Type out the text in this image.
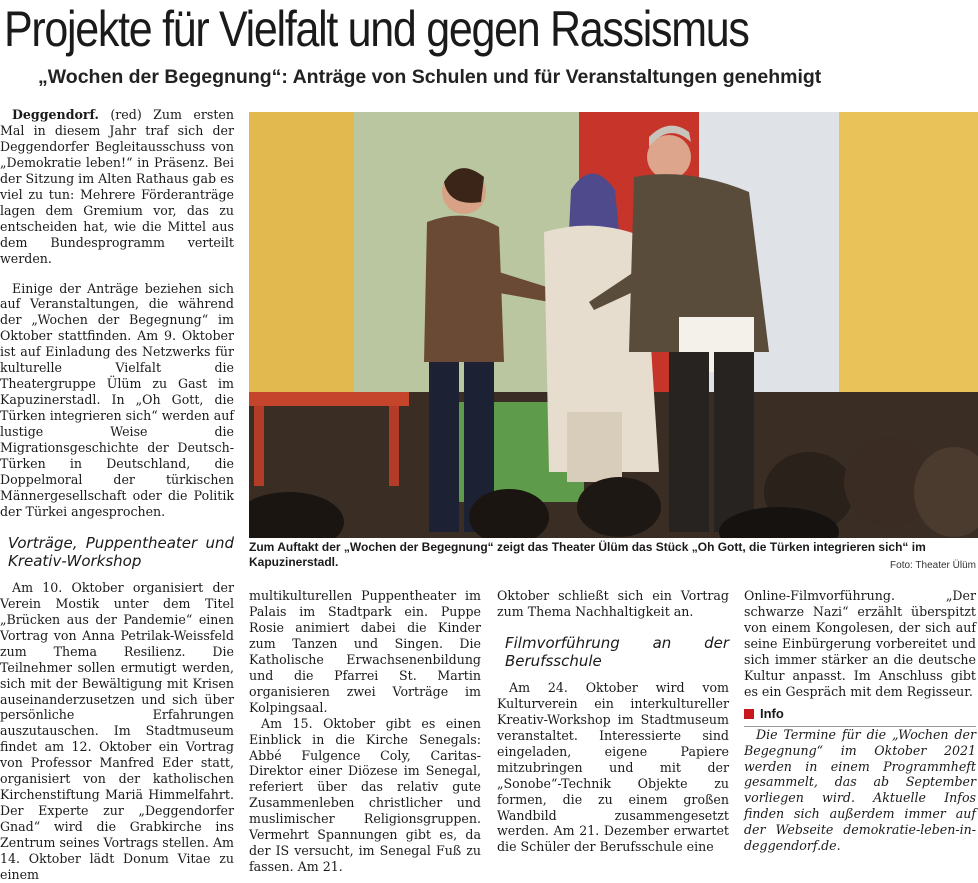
Projekte für Vielfalt und gegen Rassismus
„Wochen der Begegnung“: Anträge von Schulen und für Veranstaltungen genehmigt

Deggendorf. (red) Zum ersten Mal in diesem Jahr traf sich der Deggendorfer Begleitausschuss von „Demokratie leben!“ in Präsenz. Bei der Sitzung im Alten Rathaus gab es viel zu tun: Mehrere Förderanträge lagen dem Gremium vor, das zu entscheiden hat, wie die Mittel aus dem Bundesprogramm verteilt werden.

Einige der Anträge beziehen sich auf Veranstaltungen, die während der „Wochen der Begegnung“ im Oktober stattfinden. Am 9. Oktober ist auf Einladung des Netzwerks für kulturelle Vielfalt die Theatergruppe Ülüm zu Gast im Kapuzinerstadl. In „Oh Gott, die Türken integrieren sich“ werden auf lustige Weise die Migrationsgeschichte der Deutsch-Türken in Deutschland, die Doppelmoral der türkischen Männergesellschaft oder die Politik der Türkei angesprochen.

Vorträge, Puppentheater und Kreativ-Workshop

Am 10. Oktober organisiert der Verein Mostik unter dem Titel „Brücken aus der Pandemie“ einen Vortrag von Anna Petrilak-Weissfeld zum Thema Resilienz. Die Teilnehmer sollen ermutigt werden, sich mit der Bewältigung mit Krisen auseinanderzusetzen und sich über persönliche Erfahrungen auszutauschen. Im Stadtmuseum findet am 12. Oktober ein Vortrag von Professor Manfred Eder statt, organisiert von der katholischen Kirchenstiftung Mariä Himmelfahrt. Der Experte zur „Deggendorfer Gnad“ wird die Grabkirche ins Zentrum seines Vortrags stellen. Am 14. Oktober lädt Donum Vitae zu einem

Zum Auftakt der „Wochen der Begegnung“ zeigt das Theater Ülüm das Stück „Oh Gott, die Türken integrieren sich“ im Kapuzinerstadl.	Foto: Theater Ülüm

multikulturellen Puppentheater im Palais im Stadtpark ein. Puppe Rosie animiert dabei die Kinder zum Tanzen und Singen. Die Katholische Erwachsenenbildung und die Pfarrei St. Martin organisieren zwei Vorträge im Kolpingsaal.

Am 15. Oktober gibt es einen Einblick in die Kirche Senegals: Abbé Fulgence Coly, Caritas-Direktor einer Diözese im Senegal, referiert über das relativ gute Zusammenleben christlicher und muslimischer Religionsgruppen. Vermehrt Spannungen gibt es, da der IS versucht, im Senegal Fuß zu fassen. Am 21.

Oktober schließt sich ein Vortrag zum Thema Nachhaltigkeit an.

Filmvorführung an der Berufsschule

Am 24. Oktober wird vom Kulturverein ein interkultureller Kreativ-Workshop im Stadtmuseum veranstaltet. Interessierte sind eingeladen, eigene Papiere mitzubringen und mit der „Sonobe“-Technik Objekte zu formen, die zu einem großen Wandbild zusammengesetzt werden. Am 21. Dezember erwartet die Schüler der Berufsschule eine

Online-Filmvorführung. „Der schwarze Nazi“ erzählt überspitzt von einem Kongolesen, der sich auf seine Einbürgerung vorbereitet und sich immer stärker an die deutsche Kultur anpasst. Im Anschluss gibt es ein Gespräch mit dem Regisseur.

Info

Die Termine für die „Wochen der Begegnung“ im Oktober 2021 werden in einem Programmheft gesammelt, das ab September vorliegen wird. Aktuelle Infos finden sich außerdem immer auf der Webseite demokratie-leben-in-deggendorf.de.
